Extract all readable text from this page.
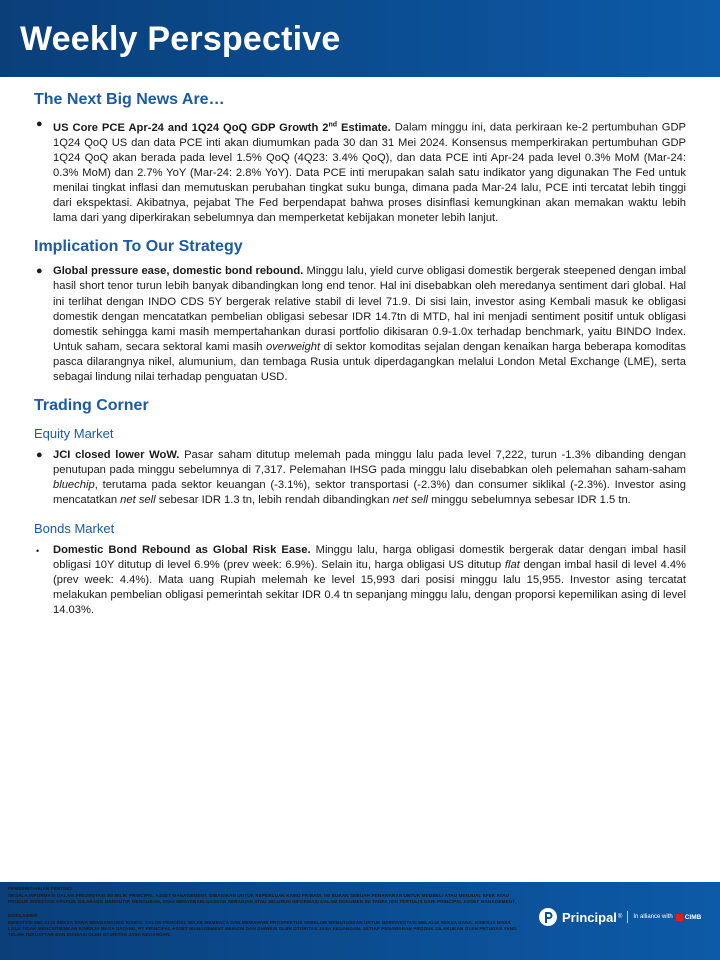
Weekly Perspective
The Next Big News Are…
● US Core PCE Apr-24 and 1Q24 QoQ GDP Growth 2nd Estimate. Dalam minggu ini, data perkiraan ke-2 pertumbuhan GDP 1Q24 QoQ US dan data PCE inti akan diumumkan pada 30 dan 31 Mei 2024. Konsensus memperkirakan pertumbuhan GDP 1Q24 QoQ akan berada pada level 1.5% QoQ (4Q23: 3.4% QoQ), dan data PCE inti Apr-24 pada level 0.3% MoM (Mar-24: 0.3% MoM) dan 2.7% YoY (Mar-24: 2.8% YoY). Data PCE inti merupakan salah satu indikator yang digunakan The Fed untuk menilai tingkat inflasi dan memutuskan perubahan tingkat suku bunga, dimana pada Mar-24 lalu, PCE inti tercatat lebih tinggi dari ekspektasi. Akibatnya, pejabat The Fed berpendapat bahwa proses disinflasi kemungkinan akan memakan waktu lebih lama dari yang diperkirakan sebelumnya dan memperketat kebijakan moneter lebih lanjut.
Implication To Our Strategy
● Global pressure ease, domestic bond rebound. Minggu lalu, yield curve obligasi domestik bergerak steepened dengan imbal hasil short tenor turun lebih banyak dibandingkan long end tenor. Hal ini disebabkan oleh meredanya sentiment dari global. Hal ini terlihat dengan INDO CDS 5Y bergerak relative stabil di level 71.9. Di sisi lain, investor asing Kembali masuk ke obligasi domestik dengan mencatatkan pembelian obligasi sebesar IDR 14.7tn di MTD, hal ini menjadi sentiment positif untuk obligasi domestik sehingga kami masih mempertahankan durasi portfolio dikisaran 0.9-1.0x terhadap benchmark, yaitu BINDO Index. Untuk saham, secara sektoral kami masih overweight di sektor komoditas sejalan dengan kenaikan harga beberapa komoditas pasca dilarangnya nikel, alumunium, dan tembaga Rusia untuk diperdagangkan melalui London Metal Exchange (LME), serta sebagai lindung nilai terhadap penguatan USD.
Trading Corner
Equity Market
● JCI closed lower WoW. Pasar saham ditutup melemah pada minggu lalu pada level 7,222, turun -1.3% dibanding dengan penutupan pada minggu sebelumnya di 7,317. Pelemahan IHSG pada minggu lalu disebabkan oleh pelemahan saham-saham bluechip, terutama pada sektor keuangan (-3.1%), sektor transportasi (-2.3%) dan consumer siklikal (-2.3%). Investor asing mencatatkan net sell sebesar IDR 1.3 tn, lebih rendah dibandingkan net sell minggu sebelumnya sebesar IDR 1.5 tn.
Bonds Market
• Domestic Bond Rebound as Global Risk Ease. Minggu lalu, harga obligasi domestik bergerak datar dengan imbal hasil obligasi 10Y ditutup di level 6.9% (prev week: 6.9%). Selain itu, harga obligasi US ditutup flat dengan imbal hasil di level 4.4% (prev week: 4.4%). Mata uang Rupiah melemah ke level 15,993 dari posisi minggu lalu 15,955. Investor asing tercatat melakukan pembelian obligasi pemerintah sekitar IDR 0.4 tn sepanjang minggu lalu, dengan proporsi kepemilikan asing di level 14.03%.
PEMBERITAHUAN PENTING
SEGALA INFORMASI DALAM PRESENTASI INI MILIK PRINCIPAL ASSET MANAGEMENT, DIBAGIKAN UNTUK KEPERLUAN KAMU PRIBADI. INI BUKAN SEBUAH PENAWARAN UNTUK MEMBELI ATAU MENJUAL EFEK ATAU PRODUK INVESTASI APAPUN. DILARANG MENGUTIP, MENGUBAH, ATAU MENYEBARLUASKAN SEBAGIAN ATAU SELURUH INFORMASI DALAM DOKUMEN INI TANPA IZIN TERTULIS DARI PRINCIPAL ASSET MANAGEMENT.
DISCLAIMER
INVESTASI MELALUI REKSA DANA MENGANDUNG RISIKO. CALON PEMODAL WAJIB MEMBACA DAN MEMAHAMI PROSPEKTUS SEBELUM MEMUTUSKAN UNTUK BERINVESTASI MELALUI REKSA DANA. KINERJA MASA LALU TIDAK MENCERMINKAN KINERJA MASA DATANG. PT PRINCIPAL ASSET MANAGEMENT BERIZIN DAN DIAWASI OLEH OTORITAS JASA KEUANGAN. SETIAP PENAWARAN PRODUK DILAKUKAN OLEH PETUGAS YANG TELAH TERDAFTAR DAN DIAWASI OLEH OTORITAS JASA KEUANGAN.
Principal ® In alliance with CIMB
